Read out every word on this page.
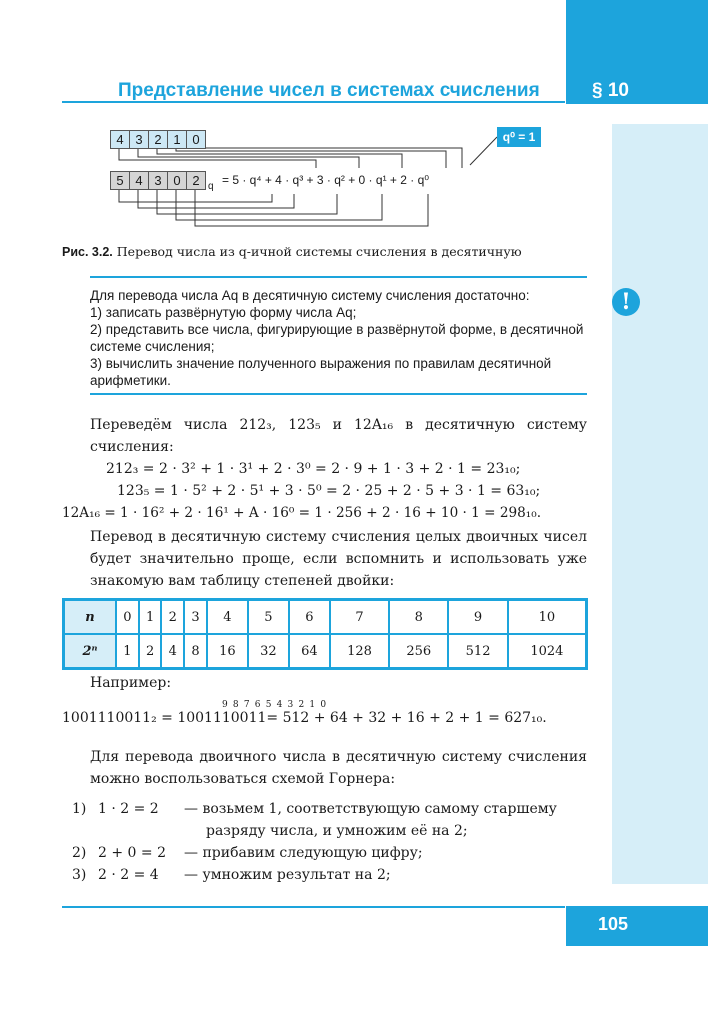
Представление чисел в системах счисления	§ 10
!
4 3 2 1 0
5 4 3 0 2 q = 5 · q⁴ + 4 · q³ + 3 · q² + 0 · q¹ + 2 · q⁰
q⁰ = 1
Рис. 3.2. Перевод числа из q-ичной системы счисления в десятичную

Для перевода числа Aq в десятичную систему счисления достаточно:

1) записать развёрнутую форму числа Aq;

2) представить все числа, фигурирующие в развёрнутой форме, в десятичной системе счисления;

3) вычислить значение полученного выражения по правилам десятичной арифметики.

Переведём числа 212₃, 123₅ и 12A₁₆ в десятичную систему счисления:
212₃ = 2 · 3² + 1 · 3¹ + 2 · 3⁰ = 2 · 9 + 1 · 3 + 2 · 1 = 23₁₀;
123₅ = 1 · 5² + 2 · 5¹ + 3 · 5⁰ = 2 · 25 + 2 · 5 + 3 · 1 = 63₁₀;
12A₁₆ = 1 · 16² + 2 · 16¹ + A · 16⁰ = 1 · 256 + 2 · 16 + 10 · 1 = 298₁₀.
Перевод в десятичную систему счисления целых двоичных чисел будет значительно проще, если вспомнить и использовать уже знакомую вам таблицу степеней двойки:
n	0	1	2	3	4	5	6	7	8	9	10
2ⁿ	1	2	4	8	16	32	64	128	256	512	1024
Например:
9876543210
1001110011₂ = 1001110011= 512 + 64 + 32 + 16 + 2 + 1 = 627₁₀.
Для перевода двоичного числа в десятичную систему счисления можно воспользоваться схемой Горнера:
1) 1 · 2 = 2 — возьмем 1, соответствующую самому старшему
разряду числа, и умножим её на 2;
2) 2 + 0 = 2 — прибавим следующую цифру;
3) 2 · 2 = 4 — умножим результат на 2;
105
